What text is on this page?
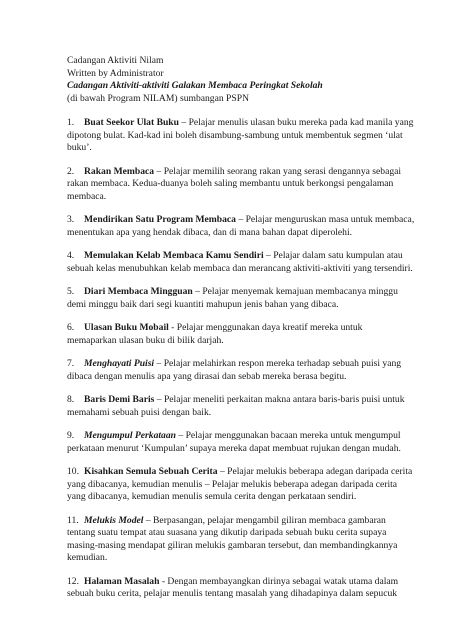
Cadangan Aktiviti Nilam

Written by Administrator

Cadangan Aktiviti-aktiviti Galakan Membaca Peringkat Sekolah

(di bawah Program NILAM) sumbangan PSPN

1. Buat Seekor Ulat Buku – Pelajar menulis ulasan buku mereka pada kad manila yang

dipotong bulat. Kad-kad ini boleh disambung-sambung untuk membentuk segmen ‘ulat

buku’.

2. Rakan Membaca – Pelajar memilih seorang rakan yang serasi dengannya sebagai

rakan membaca. Kedua-duanya boleh saling membantu untuk berkongsi pengalaman

membaca.

3. Mendirikan Satu Program Membaca – Pelajar menguruskan masa untuk membaca,

menentukan apa yang hendak dibaca, dan di mana bahan dapat diperolehi.

4. Memulakan Kelab Membaca Kamu Sendiri – Pelajar dalam satu kumpulan atau

sebuah kelas menubuhkan kelab membaca dan merancang aktiviti-aktiviti yang tersendiri.

5. Diari Membaca Mingguan – Pelajar menyemak kemajuan membacanya minggu

demi minggu baik dari segi kuantiti mahupun jenis bahan yang dibaca.

6. Ulasan Buku Mobail - Pelajar menggunakan daya kreatif mereka untuk

memaparkan ulasan buku di bilik darjah.

7. Menghayati Puisi – Pelajar melahirkan respon mereka terhadap sebuah puisi yang

dibaca dengan menulis apa yang dirasai dan sebab mereka berasa begitu.

8. Baris Demi Baris – Pelajar meneliti perkaitan makna antara baris-baris puisi untuk

memahami sebuah puisi dengan baik.

9. Mengumpul Perkataan – Pelajar menggunakan bacaan mereka untuk mengumpul

perkataan menurut ‘Kumpulan’ supaya mereka dapat membuat rujukan dengan mudah.

10. Kisahkan Semula Sebuah Cerita – Pelajar melukis beberapa adegan daripada cerita

yang dibacanya, kemudian menulis – Pelajar melukis beberapa adegan daripada cerita

yang dibacanya, kemudian menulis semula cerita dengan perkataan sendiri.

11. Melukis Model – Berpasangan, pelajar mengambil giliran membaca gambaran

tentang suatu tempat atau suasana yang dikutip daripada sebuah buku cerita supaya

masing-masing mendapat giliran melukis gambaran tersebut, dan membandingkannya

kemudian.

12. Halaman Masalah - Dengan membayangkan dirinya sebagai watak utama dalam

sebuah buku cerita, pelajar menulis tentang masalah yang dihadapinya dalam sepucuk
